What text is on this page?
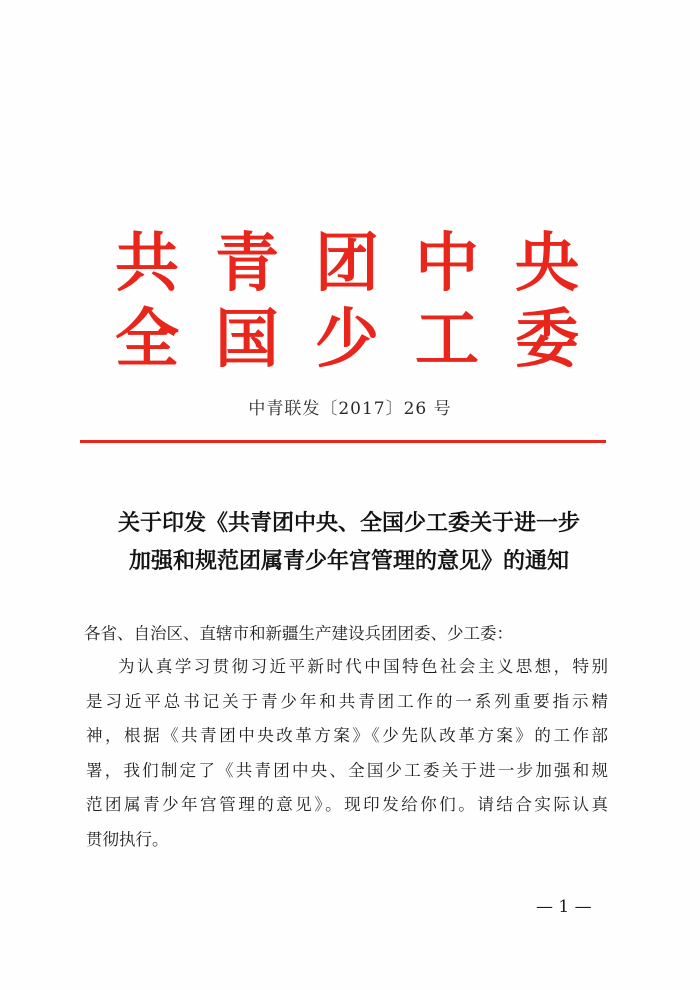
共 青 团 中 央
全 国 少 工 委
中青联发〔2017〕26 号
关于印发《共青团中央、全国少工委关于进一步
加强和规范团属青少年宫管理的意见》的通知
各省、自治区、直辖市和新疆生产建设兵团团委、少工委：
为认真学习贯彻习近平新时代中国特色社会主义思想，特别
是习近平总书记关于青少年和共青团工作的一系列重要指示精
神，根据《共青团中央改革方案》《少先队改革方案》的工作部
署，我们制定了《共青团中央、全国少工委关于进一步加强和规
范团属青少年宫管理的意见》。现印发给你们。请结合实际认真
贯彻执行。
— 1 —
